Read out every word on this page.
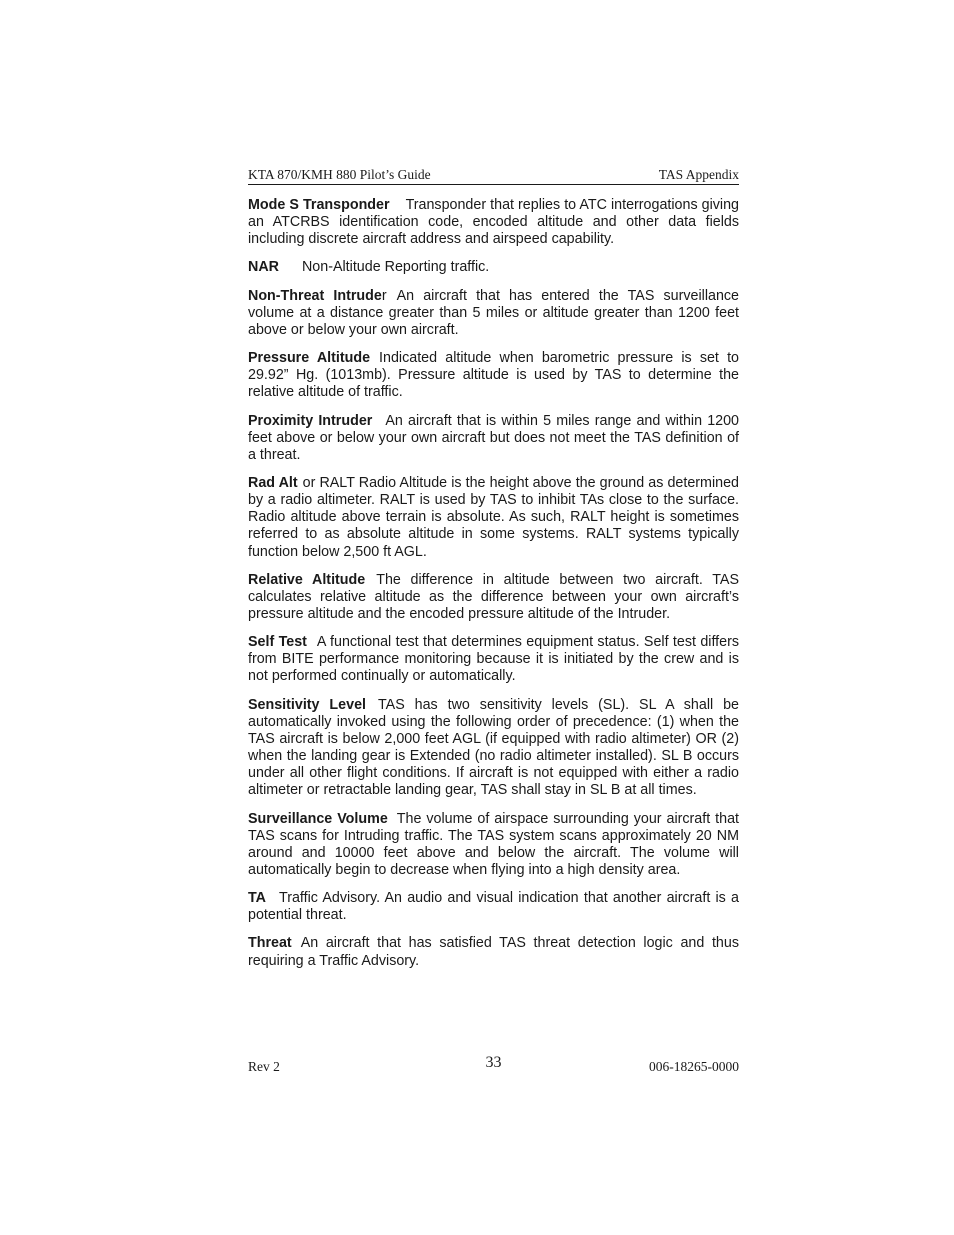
KTA 870/KMH 880 Pilot’s Guide	TAS Appendix

Mode S Transponder Transponder that replies to ATC interrogations giving an ATCRBS identification code, encoded altitude and other data fields including discrete aircraft address and airspeed capability.

NAR Non-Altitude Reporting traffic.

Non-Threat Intruder An aircraft that has entered the TAS surveillance volume at a distance greater than 5 miles or altitude greater than 1200 feet above or below your own aircraft.

Pressure Altitude Indicated altitude when barometric pressure is set to 29.92” Hg. (1013mb). Pressure altitude is used by TAS to determine the relative altitude of traffic.

Proximity Intruder An aircraft that is within 5 miles range and within 1200 feet above or below your own aircraft but does not meet the TAS definition of a threat.

Rad Alt or RALT Radio Altitude is the height above the ground as determined by a radio altimeter. RALT is used by TAS to inhibit TAs close to the surface. Radio altitude above terrain is absolute. As such, RALT height is sometimes referred to as absolute altitude in some systems. RALT systems typically function below 2,500 ft AGL.

Relative Altitude The difference in altitude between two aircraft. TAS calculates relative altitude as the difference between your own aircraft’s pressure altitude and the encoded pressure altitude of the Intruder.

Self Test A functional test that determines equipment status. Self test differs from BITE performance monitoring because it is initiated by the crew and is not performed continually or automatically.

Sensitivity Level TAS has two sensitivity levels (SL). SL A shall be automatically invoked using the following order of precedence: (1) when the TAS aircraft is below 2,000 feet AGL (if equipped with radio altimeter) OR (2) when the landing gear is Extended (no radio altimeter installed). SL B occurs under all other flight conditions. If aircraft is not equipped with either a radio altimeter or retractable landing gear, TAS shall stay in SL B at all times.

Surveillance Volume The volume of airspace surrounding your aircraft that TAS scans for Intruding traffic. The TAS system scans approximately 20 NM around and 10000 feet above and below the aircraft. The volume will automatically begin to decrease when flying into a high density area.

TA Traffic Advisory. An audio and visual indication that another aircraft is a potential threat.

Threat An aircraft that has satisfied TAS threat detection logic and thus requiring a Traffic Advisory.

Rev 2	33	006-18265-0000
